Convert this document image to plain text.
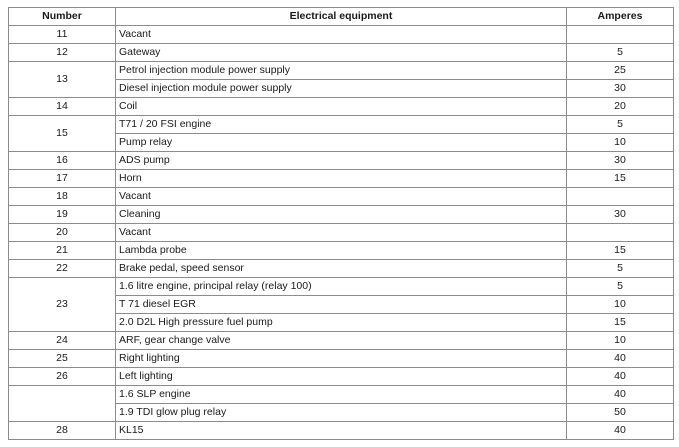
Number	Electrical equipment	Amperes
11	Vacant	
12	Gateway	5
13	Petrol injection module power supply	25
	Diesel injection module power supply	30
14	Coil	20
15	T71 / 20 FSI engine	5
	Pump relay	10
16	ADS pump	30
17	Horn	15
18	Vacant	
19	Cleaning	30
20	Vacant	
21	Lambda probe	15
22	Brake pedal, speed sensor	5
23	1.6 litre engine, principal relay (relay 100)	5
	T 71 diesel EGR	10
	2.0 D2L High pressure fuel pump	15
24	ARF, gear change valve	10
25	Right lighting	40
26	Left lighting	40
	1.6 SLP engine	40
	1.9 TDI glow plug relay	50
28	KL15	40
